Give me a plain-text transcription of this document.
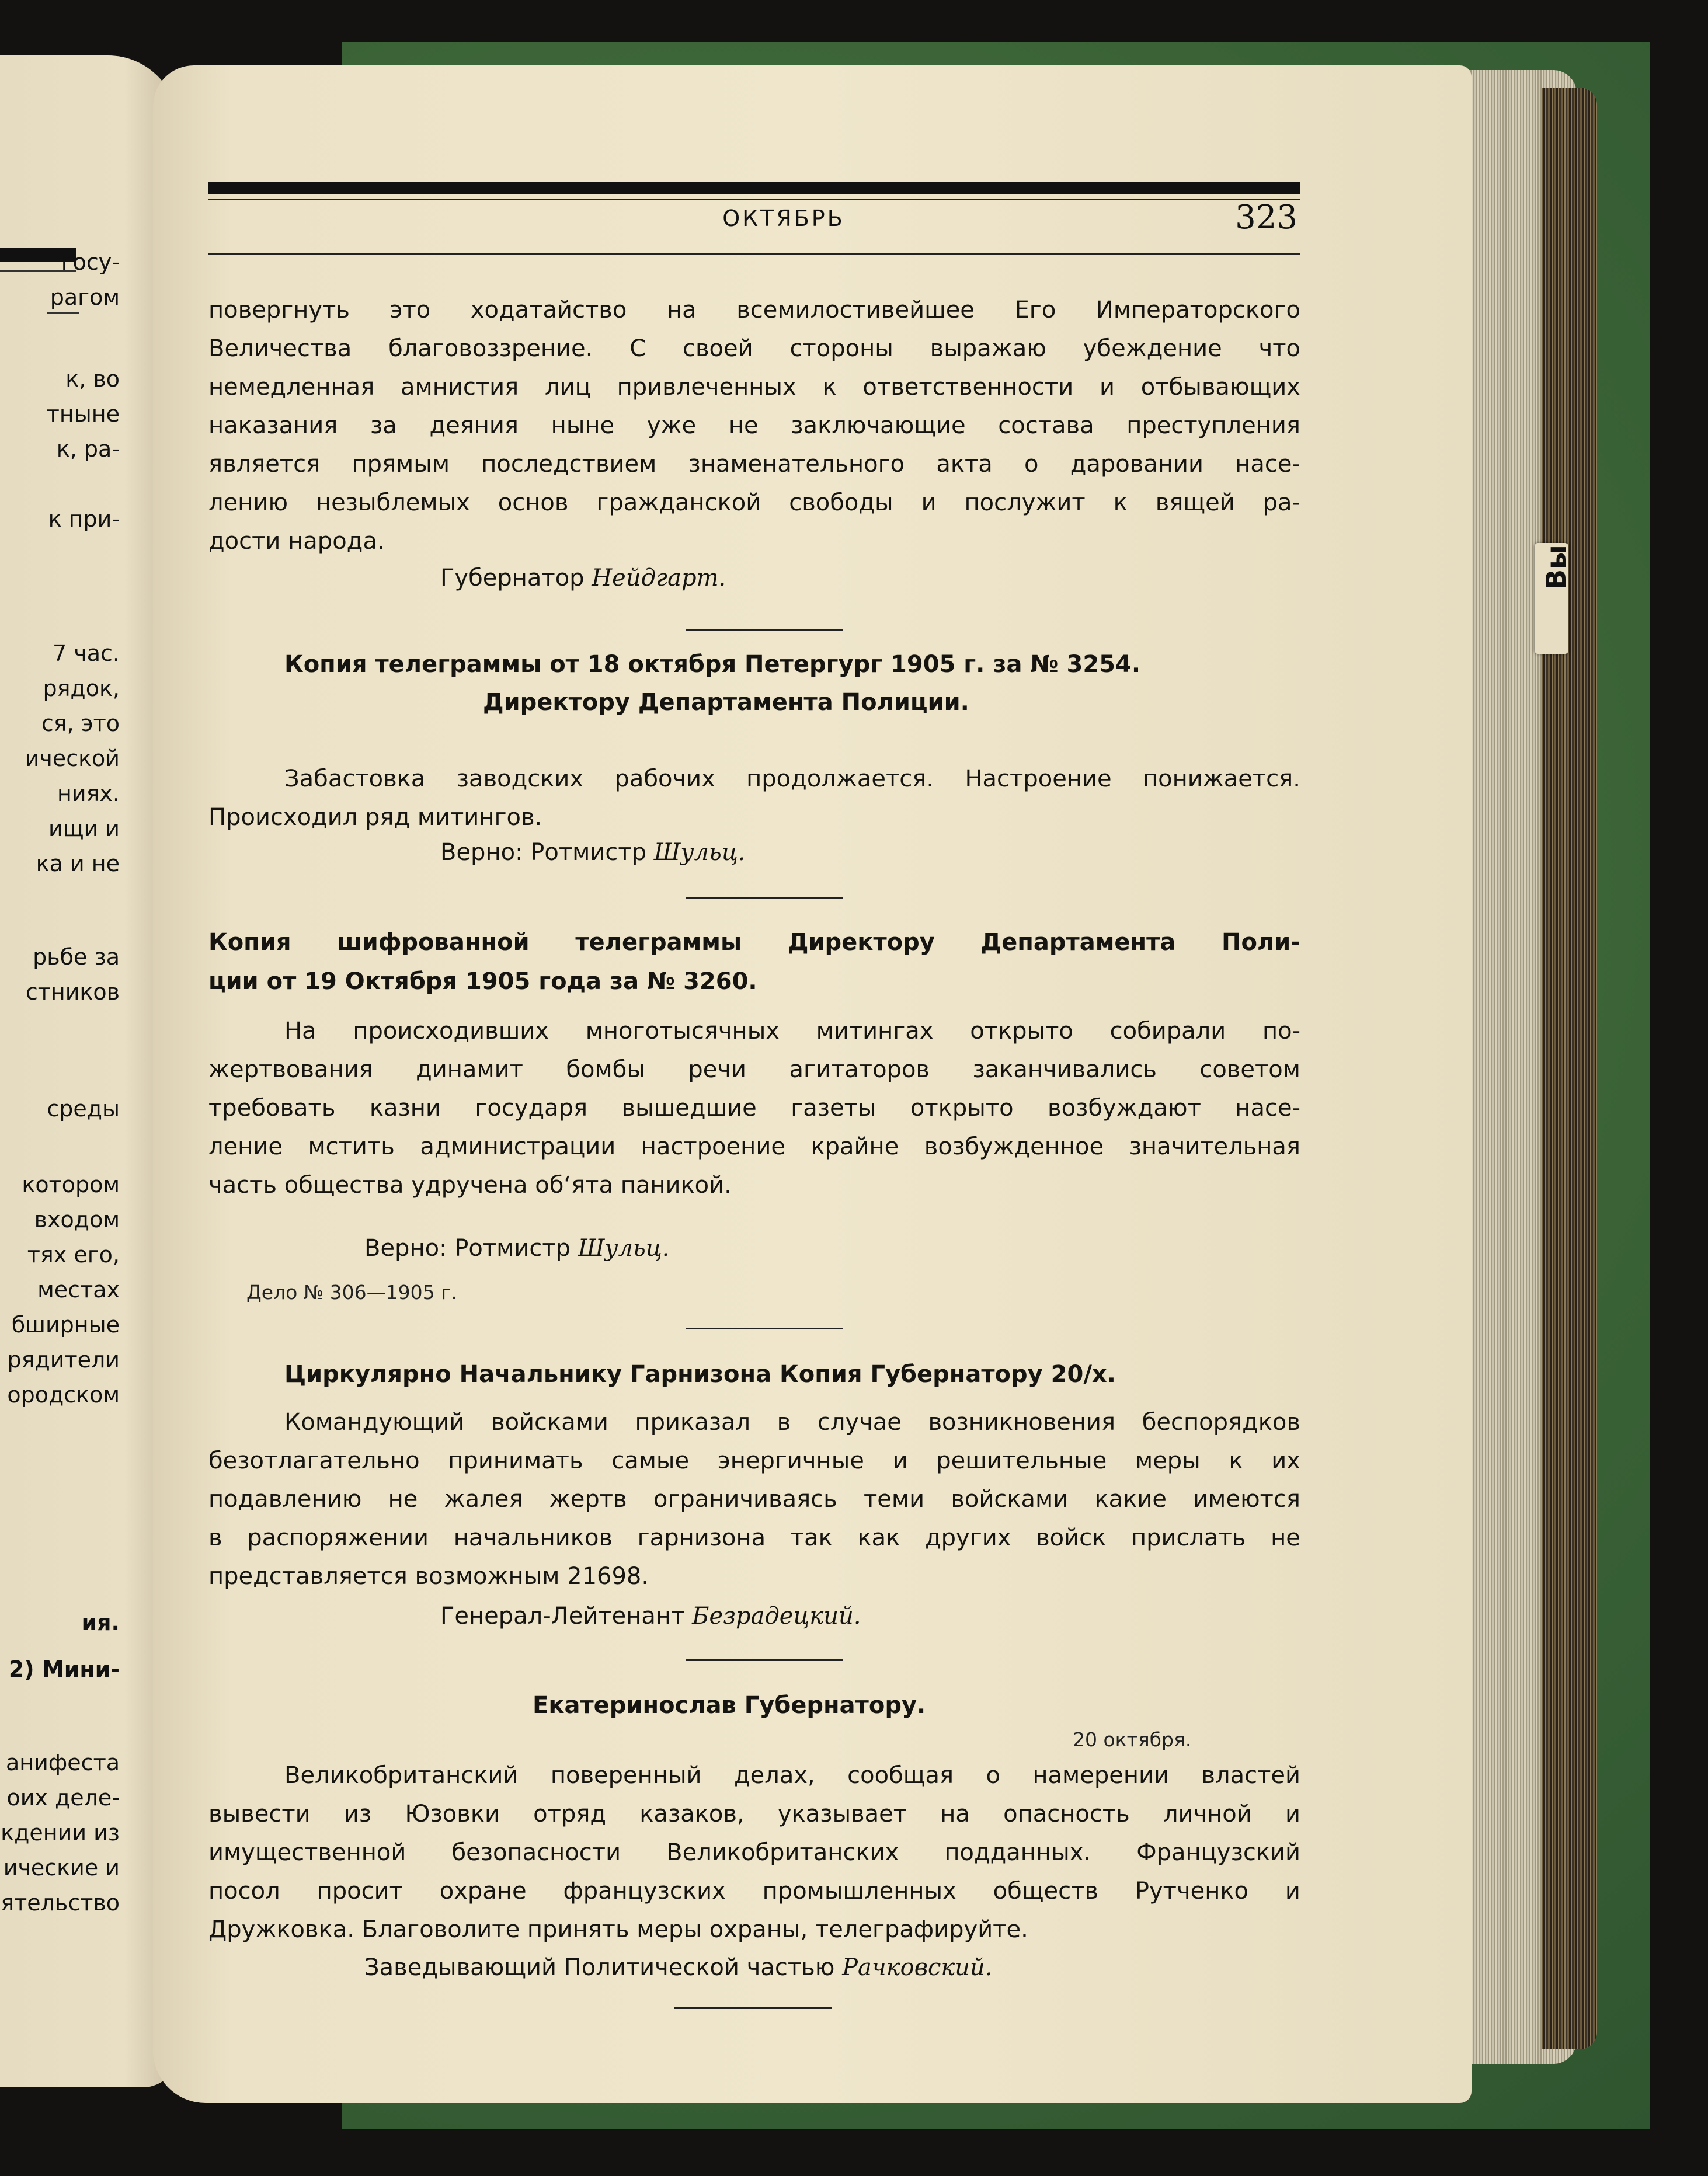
Вы
госу-
рагом
к, во
тныне
к, ра-
к при-
7 час.
рядок,
ся, это
ической
ниях.
ищи и
ка и не
рьбе за
стников
среды
котором
входом
тях его,
местах
бширные
рядители
ородском
ия.
2) Мини-
анифеста
оих деле-
кдении из
ические и
ятельство
ОКТЯБРЬ	323
Губернатор Нейдгарт.
Копия телеграммы от 18 октября Петергург 1905 г. за № 3254.
Директору Департамента Полиции.
Верно: Ротмистр Шульц.
Копия шифрованной телеграммы Директору Департамента Поли-
ции от 19 Октября 1905 года за № 3260.
Верно: Ротмистр Шульц.
Дело № 306—1905 г.
Циркулярно Начальнику Гарнизона Копия Губернатору 20/х.
Генерал-Лейтенант Безрадецкий.
Екатеринослав Губернатору.
20 октября.
Заведывающий Политической частью Рачковский.
повергнуть это ходатайство на всемилостивейшее Его Императорского
Величества благовоззрение. С своей стороны выражаю убеждение что
немедленная амнистия лиц привлеченных к ответственности и отбывающих
наказания за деяния ныне уже не заключающие состава преступления
является прямым последствием знаменательного акта о даровании насе-
лению незыблемых основ гражданской свободы и послужит к вящей ра-
дости народа.
Забастовка заводских рабочих продолжается. Настроение понижается.
Происходил ряд митингов.
На происходивших многотысячных митингах открыто собирали по-
жертвования динамит бомбы речи агитаторов заканчивались советом
требовать казни государя вышедшие газеты открыто возбуждают насе-
ление мстить администрации настроение крайне возбужденное значительная
часть общества удручена об‘ята паникой.
Командующий войсками приказал в случае возникновения беспорядков
безотлагательно принимать самые энергичные и решительные меры к их
подавлению не жалея жертв ограничиваясь теми войсками какие имеются
в распоряжении начальников гарнизона так как других войск прислать не
представляется возможным 21698.
Великобританский поверенный делах, сообщая о намерении властей
вывести из Юзовки отряд казаков, указывает на опасность личной и
имущественной безопасности Великобританских подданных. Французский
посол просит охране французских промышленных обществ Рутченко и
Дружковка. Благоволите принять меры охраны, телеграфируйте.
